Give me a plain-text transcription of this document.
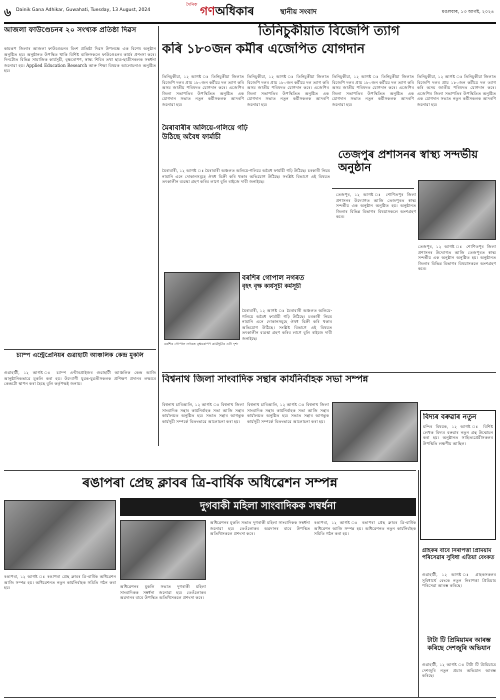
৬ Dainik Gana Adhikar, Guwahati, Tuesday, 13 August, 2024
দৈনিক গণঅধিকাৰ	স্থানীয় সংবাদ	মঙলবাৰ, ১৩ আগষ্ট, ২০২৪
আজলা ফাউণ্ডেচনৰ ২০ সংখ্যক প্ৰতিষ্ঠা দিৱস
কামৰূপ জিলাৰ আজলা ফাউণ্ডেচনৰ বিংশ প্ৰতিষ্ঠা দিৱস উপলক্ষে এক বিশেষ অনুষ্ঠান অনুষ্ঠিত হয়। অনুষ্ঠানত উপস্থিত থাকি বিশিষ্ট ব্যক্তিসকলে ফাউণ্ডেচনৰ কাৰ্যৰ প্ৰশংসা কৰে। দিনটোত বিভিন্ন সামাজিক কাৰ্যসূচী, বৃক্ষৰোপণ, স্বাস্থ্য শিবিৰ তথা ছাত্ৰ-ছাত্ৰীসকলক সম্বৰ্ধনা জনোৱা হয়। Applied Education Research আৰু শিক্ষা বিষয়ক আলোচনাও অনুষ্ঠিত হয়।
চ্যাম্প এন্ট্ৰেপ্ৰেনিয়ৰ গুৱাহাটী আঞ্চলিক কেন্দ্ৰ মুকলি
গুৱাহাটী, ১২ আগষ্ট ঃ চ্যাম্প এণ্টাৰপ্ৰাইজৰ গুৱাহাটী আঞ্চলিক কেন্দ্ৰ আজি আনুষ্ঠানিকভাৱে মুকলি কৰা হয়। উদ্যোগী যুৱক-যুৱতীসকলক প্ৰশিক্ষণ প্ৰদানৰ লক্ষ্যৰে কেন্দ্ৰটো স্থাপন কৰা হৈছে বুলি কৰ্তৃপক্ষই জনায়।
তিনিচুকীয়াত বিজেপি ত্যাগ
কৰি ১৮০জন কৰ্মীৰ এজেপিত যোগদান
তিনিচুকীয়া, ১২ আগষ্ট ঃ তিনিচুকীয়া জিলাত বিজেপি দলৰ প্ৰায় ১৮০জন কৰ্মীয়ে দল ত্যাগ কৰি অসম জাতীয় পৰিষদত যোগদান কৰে। এজেপিৰ জিলা সভাপতিৰ উপস্থিতিত অনুষ্ঠিত এক যোগদান সভাত নতুন কৰ্মীসকলক আদৰণি জনোৱা হয়।
তিনিচুকীয়া, ১২ আগষ্ট ঃ তিনিচুকীয়া জিলাত বিজেপি দলৰ প্ৰায় ১৮০জন কৰ্মীয়ে দল ত্যাগ কৰি অসম জাতীয় পৰিষদত যোগদান কৰে। এজেপিৰ জিলা সভাপতিৰ উপস্থিতিত অনুষ্ঠিত এক যোগদান সভাত নতুন কৰ্মীসকলক আদৰণি জনোৱা হয়।
তিনিচুকীয়া, ১২ আগষ্ট ঃ তিনিচুকীয়া জিলাত বিজেপি দলৰ প্ৰায় ১৮০জন কৰ্মীয়ে দল ত্যাগ কৰি অসম জাতীয় পৰিষদত যোগদান কৰে। এজেপিৰ জিলা সভাপতিৰ উপস্থিতিত অনুষ্ঠিত এক যোগদান সভাত নতুন কৰ্মীসকলক আদৰণি জনোৱা হয়।
তিনিচুকীয়া, ১২ আগষ্ট ঃ তিনিচুকীয়া জিলাত বিজেপি দলৰ প্ৰায় ১৮০জন কৰ্মীয়ে দল ত্যাগ কৰি অসম জাতীয় পৰিষদত যোগদান কৰে। এজেপিৰ জিলা সভাপতিৰ উপস্থিতিত অনুষ্ঠিত এক যোগদান সভাত নতুন কৰ্মীসকলক আদৰণি জনোৱা হয়।
মৈৰাবাৰীৰ অলিয়ে-গলিয়ে গঢ়ি উঠিছে অবৈধ ফাৰ্মাচী
তেজপুৰ প্ৰশাসনৰ স্বাস্থ্য সন্দৰ্ভীয় অনুষ্ঠান
মৈৰাবাৰী, ১২ আগষ্ট ঃ মৈৰাবাৰী অঞ্চলত অলিয়ে-গলিয়ে অবৈধ ফাৰ্মাচী গঢ়ি উঠিছে। চৰকাৰী নিয়ম নামানি এনে দোকানসমূহে ঔষধ বিক্ৰী কৰি থকাৰ অভিযোগ উঠিছে। সংশ্লিষ্ট বিভাগে এই বিষয়ত তৎকালীন ব্যৱস্থা গ্ৰহণ কৰিব লাগে বুলি ৰাইজে দাবী জনাইছে।
তেজপুৰ, ১২ আগষ্ট ঃ শোণিতপুৰ জিলা প্ৰশাসনৰ উদ্যোগত আজি তেজপুৰত স্বাস্থ্য সন্দৰ্ভীয় এক অনুষ্ঠান অনুষ্ঠিত হয়। অনুষ্ঠানত জিলাৰ বিভিন্ন বিভাগৰ বিষয়াসকলে অংশগ্ৰহণ কৰে।
তেজপুৰ, ১২ আগষ্ট ঃ শোণিতপুৰ জিলা প্ৰশাসনৰ উদ্যোগত আজি তেজপুৰত স্বাস্থ্য সন্দৰ্ভীয় এক অনুষ্ঠান অনুষ্ঠিত হয়। অনুষ্ঠানত জিলাৰ বিভিন্ন বিভাগৰ বিষয়াসকলে অংশগ্ৰহণ কৰে।
বৰশিৰ গোপাল নগৰত
বৃহৎ বৃক্ষ কাৰ্যসূচী কৰ্মসূচী
বৰশিৰ গোপাল নগৰত বৃক্ষৰোপণ কাৰ্যসূচীৰ এটা দৃশ্য
মৈৰাবাৰী, ১২ আগষ্ট ঃ মৈৰাবাৰী অঞ্চলত অলিয়ে-গলিয়ে অবৈধ ফাৰ্মাচী গঢ়ি উঠিছে। চৰকাৰী নিয়ম নামানি এনে দোকানসমূহে ঔষধ বিক্ৰী কৰি থকাৰ অভিযোগ উঠিছে। সংশ্লিষ্ট বিভাগে এই বিষয়ত তৎকালীন ব্যৱস্থা গ্ৰহণ কৰিব লাগে বুলি ৰাইজে দাবী জনাইছে।
বিশ্বনাথ জিলা সাংবাদিক সন্থাৰ কাৰ্যনিৰ্বাহক সভা সম্পন্ন
বিশ্বনাথ চাৰিআলি, ১২ আগষ্ট ঃ বিশ্বনাথ জিলা সাংবাদিক সন্থাৰ কাৰ্যনিৰ্বাহক সভা আজি সন্থাৰ কাৰ্যালয়ত অনুষ্ঠিত হয়। সভাত সন্থাৰ আগন্তুক কাৰ্যসূচী সম্পৰ্কে বিতংভাৱে আলোচনা কৰা হয়।
বিশ্বনাথ চাৰিআলি, ১২ আগষ্ট ঃ বিশ্বনাথ জিলা সাংবাদিক সন্থাৰ কাৰ্যনিৰ্বাহক সভা আজি সন্থাৰ কাৰ্যালয়ত অনুষ্ঠিত হয়। সভাত সন্থাৰ আগন্তুক কাৰ্যসূচী সম্পৰ্কে বিতংভাৱে আলোচনা কৰা হয়।
বিদ্যৰ বৰুৱাৰ নতুন
মন্দিৰ বিষয়ক, ১২ আগষ্ট ঃ বিশিষ্ট লেখক বিদ্যৰ বৰুৱাৰ নতুন গ্ৰন্থ উন্মোচন কৰা হয়। অনুষ্ঠানত সাহিত্যপ্ৰেমীসকলৰ উপস্থিতি লক্ষণীয় আছিল।
ৰঙাপৰা প্ৰেছ ক্লাবৰ ত্ৰি-বাৰ্ষিক অধিৱেশন সম্পন্ন
দুগবাকী মহিলা সাংবাদিকক সম্বৰ্ধনা
ৰঙাপৰা, ১২ আগষ্ট ঃ ৰঙাপৰা প্ৰেছ ক্লাবৰ ত্ৰি-বাৰ্ষিক অধিৱেশন আজি সম্পন্ন হয়। অধিৱেশনত নতুন কাৰ্যনিৰ্বাহক সমিতি গঠন কৰা হয়।	অধিৱেশনৰ মুকলি সভাত দুগৰাকী মহিলা সাংবাদিকক সম্বৰ্ধনা জনোৱা হয়। তেওঁলোকৰ অৱদানৰ বাবে উপস্থিত অতিথিসকলে প্ৰশংসা কৰে।
অধিৱেশনৰ মুকলি সভাত দুগৰাকী মহিলা সাংবাদিকক সম্বৰ্ধনা জনোৱা হয়। তেওঁলোকৰ অৱদানৰ বাবে উপস্থিত অতিথিসকলে প্ৰশংসা কৰে।
ৰঙাপৰা, ১২ আগষ্ট ঃ ৰঙাপৰা প্ৰেছ ক্লাবৰ ত্ৰি-বাৰ্ষিক অধিৱেশন আজি সম্পন্ন হয়। অধিৱেশনত নতুন কাৰ্যনিৰ্বাহক সমিতি গঠন কৰা হয়।
গ্ৰাহকৰ বাবে নিৰাপত্তা প্ৰিমিয়াম পৰিসেৱাৰ সুবিধা এতিয়া বেংকত
গুৱাহাটী, ১২ আগষ্ট ঃ গ্ৰাহকসকলৰ সুবিধাৰ্থে বেংকে নতুন নিৰাপত্তা প্ৰিমিয়াম পৰিসেৱা আৰম্ভ কৰিছে।
টাটা টি প্ৰিমিয়ামৰ আৰম্ভ কৰিছে দেশজুৰি অভিযান
গুৱাহাটী, ১২ আগষ্ট ঃ টাটা টি প্ৰিমিয়ামে দেশজুৰি নতুন প্ৰচাৰ অভিযান আৰম্ভ কৰিছে।
